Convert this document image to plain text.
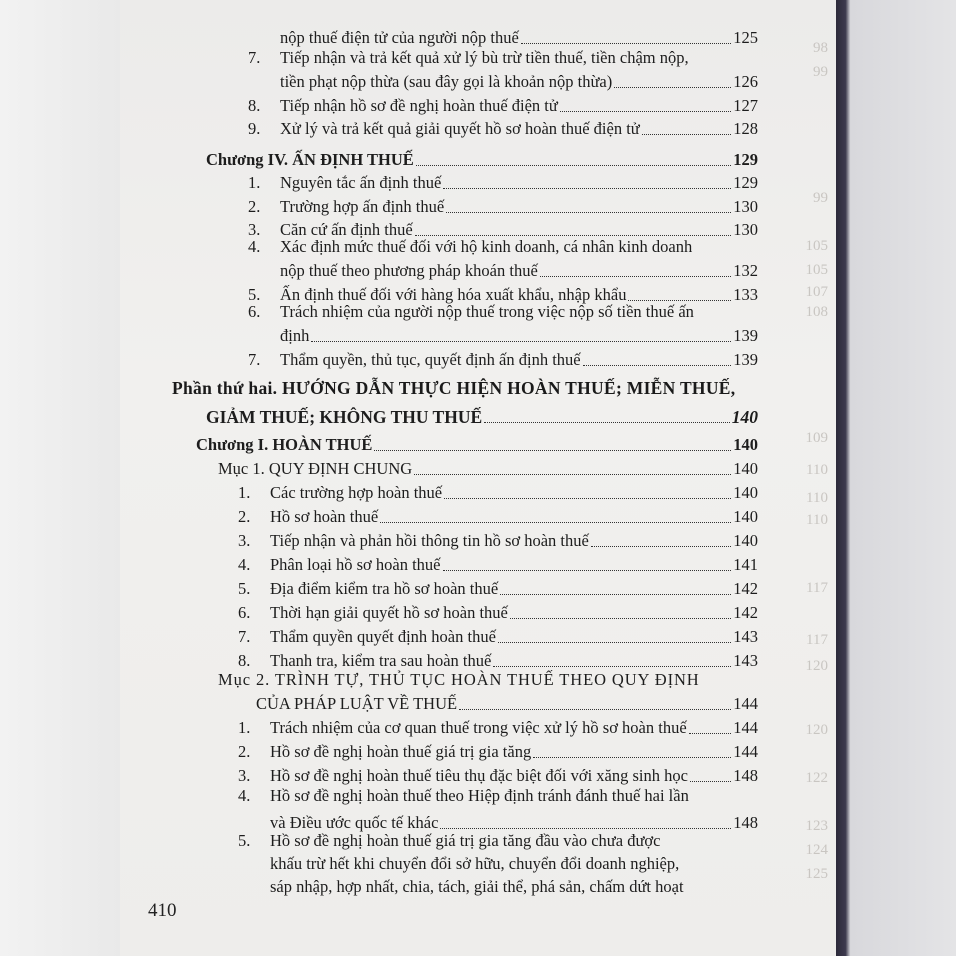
98
99
99
105
105
107
108
109
110
110
110
117
117
120
120
122
123
124
125
nộp thuế điện tử của người nộp thuế	125
7. Tiếp nhận và trả kết quả xử lý bù trừ tiền thuế, tiền chậm nộp,
tiền phạt nộp thừa (sau đây gọi là khoản nộp thừa)	126
8.	Tiếp nhận hồ sơ đề nghị hoàn thuế điện tử	127
9.	Xử lý và trả kết quả giải quyết hồ sơ hoàn thuế điện tử	128
Chương IV. ẤN ĐỊNH THUẾ	129
1.	Nguyên tắc ấn định thuế	129
2.	Trường hợp ấn định thuế	130
3.	Căn cứ ấn định thuế	130
4. Xác định mức thuế đối với hộ kinh doanh, cá nhân kinh doanh
nộp thuế theo phương pháp khoán thuế	132
5.	Ấn định thuế đối với hàng hóa xuất khẩu, nhập khẩu	133
6. Trách nhiệm của người nộp thuế trong việc nộp số tiền thuế ấn
định	139
7.	Thẩm quyền, thủ tục, quyết định ấn định thuế	139
Phần thứ hai. HƯỚNG DẪN THỰC HIỆN HOÀN THUẾ; MIỄN THUẾ,
GIẢM THUẾ; KHÔNG THU THUẾ	140
Chương I. HOÀN THUẾ	140
Mục 1. QUY ĐỊNH CHUNG	140
1.	Các trường hợp hoàn thuế	140
2.	Hồ sơ hoàn thuế	140
3.	Tiếp nhận và phản hồi thông tin hồ sơ hoàn thuế	140
4.	Phân loại hồ sơ hoàn thuế	141
5.	Địa điểm kiểm tra hồ sơ hoàn thuế	142
6.	Thời hạn giải quyết hồ sơ hoàn thuế	142
7.	Thẩm quyền quyết định hoàn thuế	143
8.	Thanh tra, kiểm tra sau hoàn thuế	143
Mục 2. TRÌNH TỰ, THỦ TỤC HOÀN THUẾ THEO QUY ĐỊNH
CỦA PHÁP LUẬT VỀ THUẾ	144
1.	Trách nhiệm của cơ quan thuế trong việc xử lý hồ sơ hoàn thuế	144
2.	Hồ sơ đề nghị hoàn thuế giá trị gia tăng	144
3.	Hồ sơ đề nghị hoàn thuế tiêu thụ đặc biệt đối với xăng sinh học	148
4. Hồ sơ đề nghị hoàn thuế theo Hiệp định tránh đánh thuế hai lần
và Điều ước quốc tế khác	148
5. Hồ sơ đề nghị hoàn thuế giá trị gia tăng đầu vào chưa được
khấu trừ hết khi chuyển đổi sở hữu, chuyển đổi doanh nghiệp,
sáp nhập, hợp nhất, chia, tách, giải thể, phá sản, chấm dứt hoạt
410
